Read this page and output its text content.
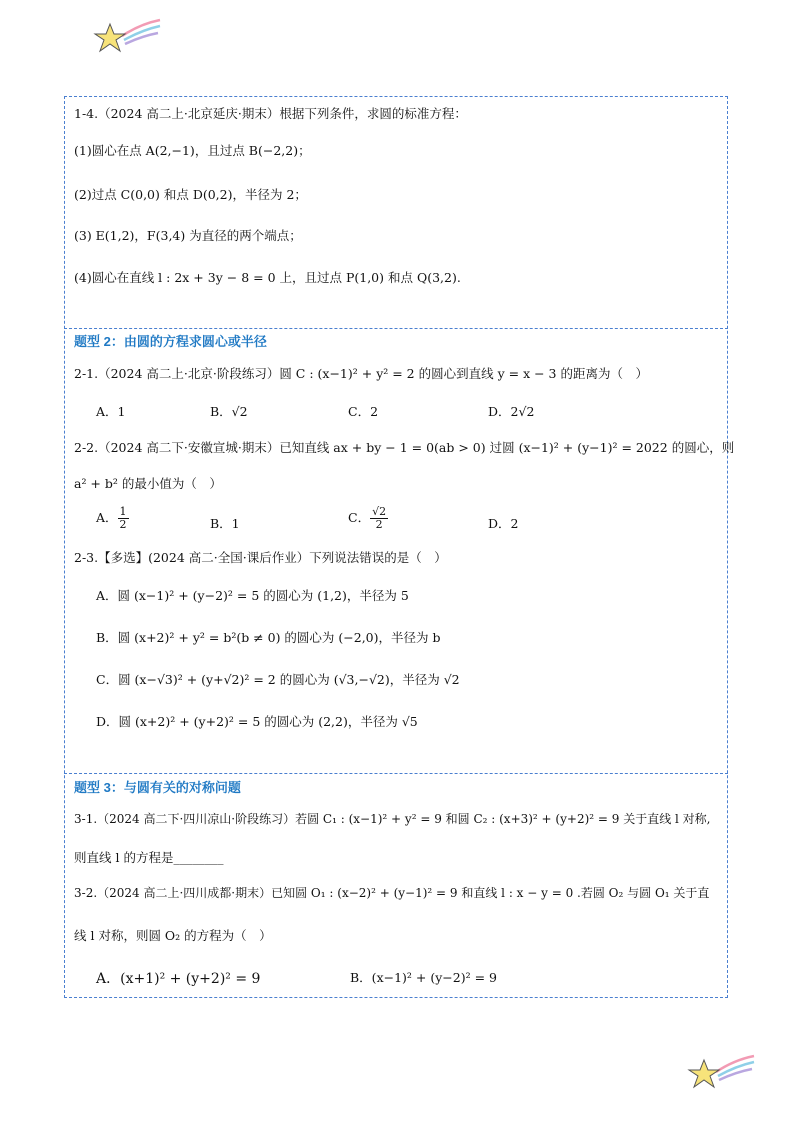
1-4.（2024 高二上·北京延庆·期末）根据下列条件，求圆的标准方程：
(1)圆心在点 A(2,−1)，且过点 B(−2,2)；
(2)过点 C(0,0) 和点 D(0,2)，半径为 2；
(3) E(1,2)，F(3,4) 为直径的两个端点；
(4)圆心在直线 l : 2x + 3y − 8 = 0 上，且过点 P(1,0) 和点 Q(3,2).
题型 2：由圆的方程求圆心或半径
2-1.（2024 高二上·北京·阶段练习）圆 C : (x−1)² + y² = 2 的圆心到直线 y = x − 3 的距离为（　）
A．1	B．√2	C．2	D．2√2
2-2.（2024 高二下·安徽宣城·期末）已知直线 ax + by − 1 = 0(ab > 0) 过圆 (x−1)² + (y−1)² = 2022 的圆心，则
a² + b² 的最小值为（　）
A． $\frac{1}{2}$	B．1	C． $\frac{√2}{2}$	D．2
2-3.【多选】(2024 高二·全国·课后作业）下列说法错误的是（　）
A．圆 (x−1)² + (y−2)² = 5 的圆心为 (1,2)，半径为 5
B．圆 (x+2)² + y² = b²(b ≠ 0) 的圆心为 (−2,0)，半径为 b
C．圆 (x−√3)² + (y+√2)² = 2 的圆心为 (√3,−√2)，半径为 √2
D．圆 (x+2)² + (y+2)² = 5 的圆心为 (2,2)，半径为 √5
题型 3：与圆有关的对称问题
3-1.（2024 高二下·四川凉山·阶段练习）若圆 C₁ : (x−1)² + y² = 9 和圆 C₂ : (x+3)² + (y+2)² = 9 关于直线 l 对称,
则直线 l 的方程是________
3-2.（2024 高二上·四川成都·期末）已知圆 O₁ : (x−2)² + (y−1)² = 9 和直线 l : x − y = 0 .若圆 O₂ 与圆 O₁ 关于直
线 l 对称，则圆 O₂ 的方程为（　）
A．(x+1)² + (y+2)² = 9	B．(x−1)² + (y−2)² = 9
